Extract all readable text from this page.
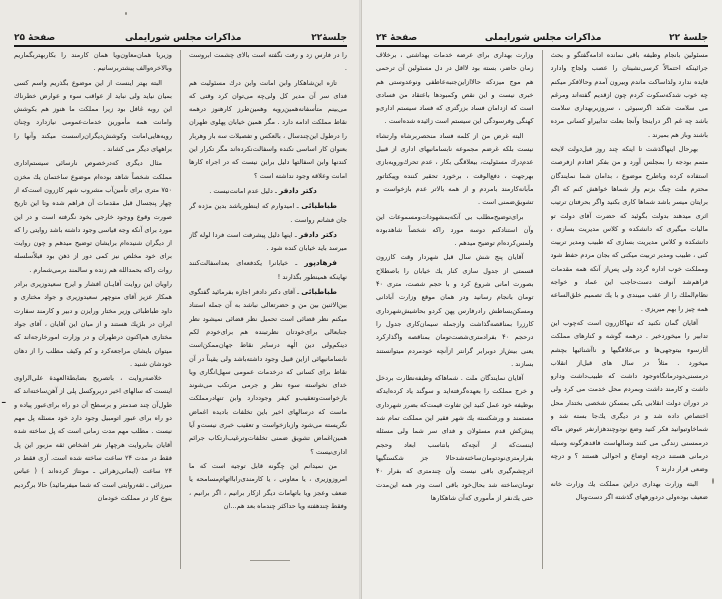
جلسهٔ۲۲
مذاکرات مجلس شورایملی
صفحهٔ ۲۵

را در فارس زد و رفت نگفته است بالای چشمت ابروست .

تازه این‌شاهکار وابن امانت وابن درك مسئولیت هم فدای سر آن مدیر کل ولی‌چه می‌توان کرد وقتی که می‌بینم متأسفانه‌همین‌رویه وهمین‌طرز کارهنوز درهمه نقاط مملکت ادامه دارد . مگر همین خیابان پهلوی طهران را درطول این‌چندسال ، بالعکس و تفصیلات سه بار وهربار بعنوان کار اساسی نکنده واسفالت‌نکرده‌اند مگر تکرار این کندنها وابن اسفالتها دلیل براین نیست که در اجراء کارها امانت وعلاقه وجود نداشته است ؟

دکتر دادفر ـ دلیل عدم امانت‌نیست .

طباطبائی ـ امیدوارم که اینطورباشد بدین مژده گر جان فشانم رواست .

دکتر دادفر ـ اینها دلیل پیشرفت است فردا لوله گاز میرسد باید خیابان کنده شود .

فرهادپور ـ خیابانرا یکدفعه‌ای بعداسفالت‌کنند نهاینکه همینطور بگذارند !

طباطبائی ـ آقای دکتر دادفر اجازه بفرمائید گفتگوی بین‌الاثنین بین من و حضرتعالی نباشد به آن جمله استناد میکنم نظر قضائی است تحمیل نظر قضائی نمیشود نظر جنابعالی برای‌خودتان نظرتبنده هم برای‌خودم لکم دینکم‌ولی دین الٰهه درسایر نقاط جهان‌ممکن‌است نابسامانیهائی ازاین قبیل وجود داشته‌باشد ولی یقیناً در آن نقاط برای کسانی که درخدمات عمومی سهل‌انگاری ویا خدای نخواسته سوء نظر و جرمی مرتکب می‌شوند بازخواست‌وتعقیب‌و کیفر وجوددارد وابن تنهادرمملکت ماست که درسالهای اخیر باین تخلفات بادیده اغماض نگریسته می‌شود وازبازخواست و تعقیب خبری نیست‌و آیا همین‌اغماض تشویق ضمنی تخلفات‌وترغیب‌ارتکاب جرائم اداری‌نیست ؟

من نمیدانم این چگونه قابل توجیه است که ما امروزوزیری ، یا معاونی ، یا کارمندی‌رابااتهام‌مسامحه یا ضعف وعجز ویا باتهامات دیگر ازکار برانیم ، اگر برانیم ، وفقط چندهفته ویا حداکثر چندماه بعد هم...ان

وزیریا همان‌معاون‌ویا همان کارمند را بکاربهتربگماریم وبالاخره‌والف پیشتربرسانیم .

البته بهتر اینست از این موضوع بگذریم واسم کسی بمیان نیاید ولی نباید از عواقب سوء و عوارض خطرناك این روبه غافل بود زیرا مملکت ما هنوز هم بکوشش وامانت همه مأمورین خدمات‌عمومی نیازدارد وچنان رویه‌هایی‌امانت وکوشش‌دیگران‌راسست میکند وآنها را براههای دیگر می کشاند .

مثال دیگری که‌درخصوص نارسائی سیستم‌اداری مملکت شخصاً شاهد بوده‌ام موضوع ساختمان یك مخزن ۷۵۰ متری برای تأمین‌آب مشروب شهر کازرون است‌که از چهار پنجسال قبل مقدمات آن فراهم شده وتا این تاریخ صورت وقوع ووجود خارجی بخود نگرفته است و در این مورد برای آنکه وجه قیاسی وجود داشته باشد روایتی را که از دیگران شنیده‌ام برایشان توضیح میدهم و چون روایت برای خود مخلص نیز کمی دور از ذهن بود قبلاًسلسله روات راکه بحمدالله هم زنده و سالمند برمی‌شمارم .

راویان این روایت آقایـان افشار و ایرج سعیدوزیری برادر همکار عزیز آقای منوچهر سعیدوزیری و جواد مختاری و داود طباطبائی وزیر مختار ورایزن و دبیر و کارمند سفارت ایران در بلژیك هستند و از میان این آقایان ، آقای جواد مختاری هم‌اکنون درطهران و در وزارت امورخارجه‌اند که میتوان بایشان مراجعه‌کرد و کم وکیف مطلب را از دهان خودشان شنید .

خلاصه‌روایت ، باتصریح بضابطة‌العهدة علی‌الراوی اینست که سالهای اخیر دربروکسل پلی از آهن‌ساخته‌اند که طول‌آن چند صدمتر و برسطح آن دو راه برای‌عبور پیاده و دو راه برای عبور اتومبیل وجود دارد خود مسئله پل مهم نیست . مطلب مهم مدت زمانی است که پل ساخته شده آقایان بنابروایت هرچهار نفر اشخاص ثقه مزبور این پل فقط در مدت ۲۴ ساعت ساخته شده است. آری فقط در ۲۴ ساعت (ایمانی‌زهرائی ـ مونتاژ کرده‌اند ) ( عباس میرزائی ـ ثقه‌روایتی است که شما میفرمائید) حالا برگردیم بنوع کار در مملکت خودمان

ـ
جلسهٔ ۲۲
مذاکرات مجلس شورایملی
صفحهٔ ۲۴

مسئولین بانجام وظیفه باقی نمانده ادامه‌گفتگو و بحث جرائینکه احتمالاً کرسی‌نشینان را عصب ولجاج وادارد فایده ندارد ولذاساکت ماندم وبیرون آمدم وحالافکر میکنم چه خوب شد‌که‌سکوت کردم چون ازقدیم گفته‌اند ومرغم می سلامت شکند اگرسبوئی ، سروزیربهداری سلامت باشد چه غم اگر دراینجا وآنجا بعلت تدابیراو کسانی مرده باشند وباز هم بمیرند .

بهرحال اینهاگذشت تا اینکه چند روز قبل‌دولت لایحه متمم بودجه را بمجلس آورد و من بفکر افتادم ازفرصت استفاده کرده وباطرح موضوع ، بدامان شما نمایندگان محترم ملت چنگ بزنم واز شماها خواهش کنم که اگر برایتان میسر باشد شماها کاری بکنید واگر بحرفتان ترتیب اثری میدهند بدولت بگوئید که حضرت آقای دولت تو مالیات میگیری که دانشکده و کلاس مدیریت بسازی ، دانشکده و کلاس مدیریت بسازی که طبیب ومدیر تربیت کنی ، طبیب ومدیر تربیت میکنی که بجان مردم حفظ شود ومملکت خوب اداره گردد ولی پس‌از آنکه همه مقدمات فراهم‌شد آنوقت دست‌حاجب این عماد و خواجه نظام‌الملك را از عقب میبندی و با یك تصمیم خلق‌الساعه همه چیز را بهم میریزی .

آقایان گمان نکنید که تنهاکازرون است که‌چوب این تدابیر را میخورد‌خیر . درهمه گوشه و کنارهای مملکت آثارسوء بیتوجهی‌ها و بی‌علاقگیها و ناآشنائیها بچشم میخورد . مثلاً در سال های قبل‌از انقلاب درمسنی‌دودرمانگاه‌وجود داشت که طبیب‌داشت ودارو داشت و کارمند داشت وبمردم محل خدمت می کرد ولی در دوران دولت انقلابی یکی بمسکن شخصی بختدار محل اختصاص داده شد و در دیگری یك‌جا بسته شد و شماخاوتیوانید فکر کنید وضع نودوچندهزارنفر عیوض ماکه درممسنی زندگی می کنند وسالهاست فاقدهرگونه وسیله درمانی هستند درچه اوضاع و احوالی هستند ؟ و درچه وضعی قرار دارند ؟

البته وزارت بهداری دراین مملکت یك وزارت خانه ضعیف بوده‌ولی دردورههای گذشته اگر دست‌وبال

وزارت بهداری برای عرضه خدمات بهداشتی ، برخلاف زمان حاضر، بسته بود لااقل در دل مسئولین آن ترحمی هم موج میزد‌که حالاازاین‌جنبه‌عاطفی ونوعدوستی هم خبری نیست و این نقص وکمبودها باعتقاد من فسادی است که ازدامان فساد بزرگتری که فساد سیستم اداری‌و کهنگی وفرسودگی این سیستم است زائیده شده‌است .

البته غرض من از کلمه فساد منحصربرشاه وارتشاء نیست بلکه غرضم مجموعه نابسامانیهای اداری از قبیل عدم‌درك مسئولیت، بیعلاقگی بکار ، عدم تحرك‌ورویه‌بازی بهرجهت ، دفع‌الوقت ، برخورد تحقیر کننده وپیکتاتور مآبانه‌کارمند بامردم و از همه بالاتر عدم بازخواست و تشویق‌ضمنی است .

برای‌توضیح‌مطلب بی آنکه‌بمشهودات‌ومسموعات این وآن استنادکنم دوسه مورد راکه شخصاً شاهدبوده ولمس‌کرده‌ام توضیح میدهم .

آقایان پنج شش سال قبل شهردار وقت کازرون قسمتی از جدول سازی کنار یك خیابان را باصطلاح بصورت امانی شروع کرد و با حجم شصت، متری ۴۰ تومان بانجام رسانید ودر همان موقع وزارت آبادانی ومسکن‌بساطش رادرفارس پهن کرد‌و بحاشیش‌شهرداری کارزرا بمناقصه‌گذاشت وازجمله سیمان‌کاری جدول را درحجم ۴۰ بفرادمتری‌شصت‌تومان بمناقصه واگذارکرد یعنی بیش‌از دوبرابر گرانتر ازآنچه خودمردم میتوانستند بسازند .

آقایان نمایندگان ملت . شماهاکه وظیفه‌نظارت بردخل و خرج مملکت را بعهده‌گرفته‌اید و سوگند یاد کرده‌اید‌که بوظیفه خود عمل کنید این تفاوت قیمت‌که بضرر شهرداری مستمند و ورشکسته یك شهر فقیر اين مملکت تمام شد پیش‌کش قدم مسئولان و فدای سر شما ولی مسئله اینست‌که از آنچه‌که بانتاسب ابعاد وحجم بفرارمتری‌نودتومان‌ساخته‌شدحالا جز شکستگیها اثرچشم‌گیری باقی نیست وآن چندمتری که بفرار ۴۰ تومان‌ساخته شد بحال‌خود باقی است ودر همه این‌مدت حتی یك‌نفر از مأموری که‌آن شاهکارها
